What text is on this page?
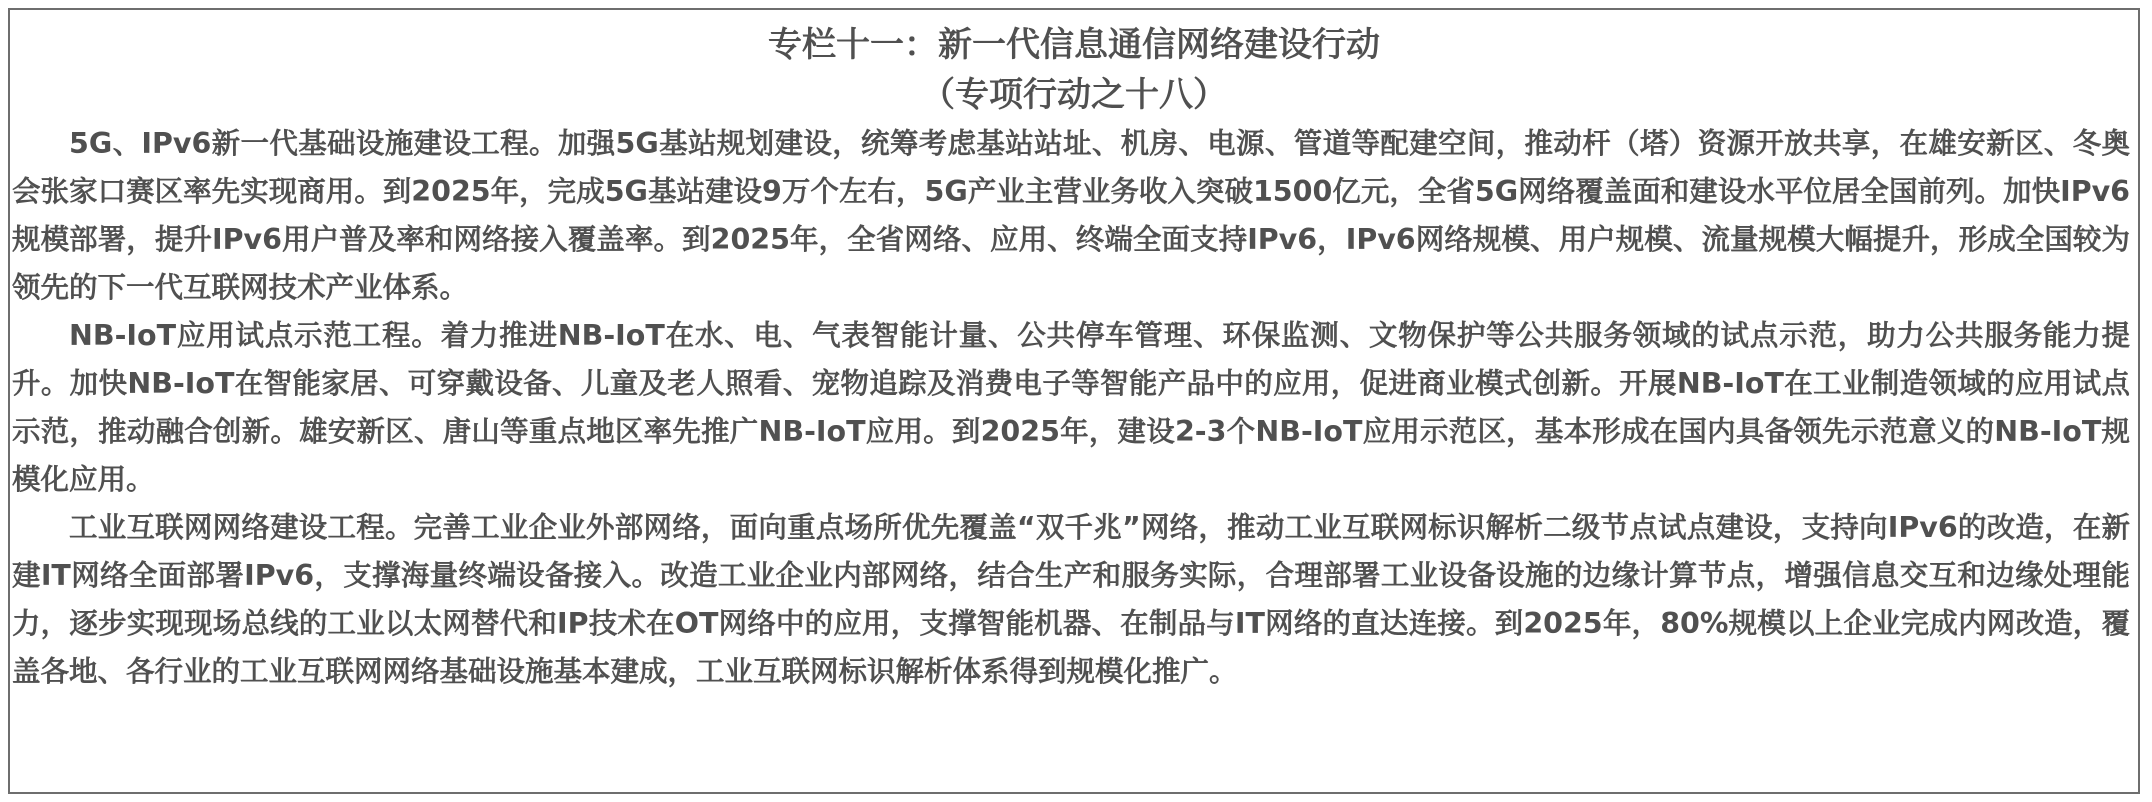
专栏十一：新一代信息通信网络建设行动
（专项行动之十八）

5G、IPv6新一代基础设施建设工程。加强5G基站规划建设，统筹考虑基站站址、机房、电源、管道等配建空间，推动杆（塔）资源开放共享，在雄安新区、冬奥会张家口赛区率先实现商用。到2025年，完成5G基站建设9万个左右，5G产业主营业务收入突破1500亿元，全省5G网络覆盖面和建设水平位居全国前列。加快IPv6规模部署，提升IPv6用户普及率和网络接入覆盖率。到2025年，全省网络、应用、终端全面支持IPv6，IPv6网络规模、用户规模、流量规模大幅提升，形成全国较为领先的下一代互联网技术产业体系。

NB-IoT应用试点示范工程。着力推进NB-IoT在水、电、气表智能计量、公共停车管理、环保监测、文物保护等公共服务领域的试点示范，助力公共服务能力提升。加快NB-IoT在智能家居、可穿戴设备、儿童及老人照看、宠物追踪及消费电子等智能产品中的应用，促进商业模式创新。开展NB-IoT在工业制造领域的应用试点示范，推动融合创新。雄安新区、唐山等重点地区率先推广NB-IoT应用。到2025年，建设2-3个NB-IoT应用示范区，基本形成在国内具备领先示范意义的NB-IoT规模化应用。

工业互联网网络建设工程。完善工业企业外部网络，面向重点场所优先覆盖“双千兆”网络，推动工业互联网标识解析二级节点试点建设，支持向IPv6的改造，在新建IT网络全面部署IPv6，支撑海量终端设备接入。改造工业企业内部网络，结合生产和服务实际，合理部署工业设备设施的边缘计算节点，增强信息交互和边缘处理能力，逐步实现现场总线的工业以太网替代和IP技术在OT网络中的应用，支撑智能机器、在制品与IT网络的直达连接。到2025年，80%规模以上企业完成内网改造，覆盖各地、各行业的工业互联网网络基础设施基本建成，工业互联网标识解析体系得到规模化推广。
